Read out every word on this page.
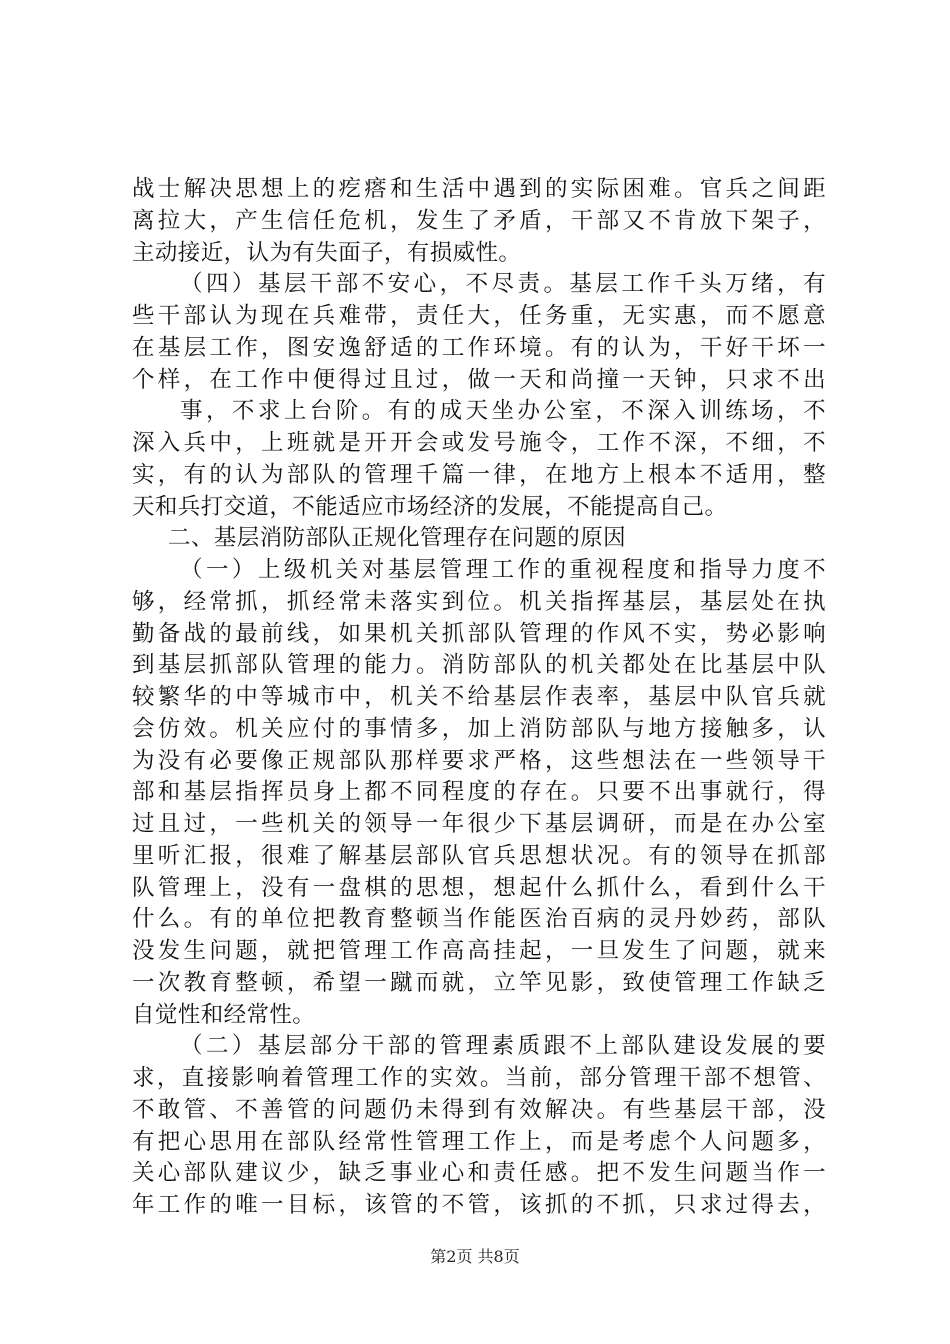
战士解决思想上的疙瘩和生活中遇到的实际困难。官兵之间距
离拉大，产生信任危机，发生了矛盾，干部又不肯放下架子，
主动接近，认为有失面子，有损威性。
（四）基层干部不安心，不尽责。基层工作千头万绪，有
些干部认为现在兵难带，责任大，任务重，无实惠，而不愿意
在基层工作，图安逸舒适的工作环境。有的认为，干好干坏一
个样，在工作中便得过且过，做一天和尚撞一天钟，只求不出
事，不求上台阶。有的成天坐办公室，不深入训练场，不
深入兵中，上班就是开开会或发号施令，工作不深，不细，不
实，有的认为部队的管理千篇一律，在地方上根本不适用，整
天和兵打交道，不能适应市场经济的发展，不能提高自己。
二、基层消防部队正规化管理存在问题的原因
（一）上级机关对基层管理工作的重视程度和指导力度不
够，经常抓，抓经常未落实到位。机关指挥基层，基层处在执
勤备战的最前线，如果机关抓部队管理的作风不实，势必影响
到基层抓部队管理的能力。消防部队的机关都处在比基层中队
较繁华的中等城市中，机关不给基层作表率，基层中队官兵就
会仿效。机关应付的事情多，加上消防部队与地方接触多，认
为没有必要像正规部队那样要求严格，这些想法在一些领导干
部和基层指挥员身上都不同程度的存在。只要不出事就行，得
过且过，一些机关的领导一年很少下基层调研，而是在办公室
里听汇报，很难了解基层部队官兵思想状况。有的领导在抓部
队管理上，没有一盘棋的思想，想起什么抓什么，看到什么干
什么。有的单位把教育整顿当作能医治百病的灵丹妙药，部队
没发生问题，就把管理工作高高挂起，一旦发生了问题，就来
一次教育整顿，希望一蹴而就，立竿见影，致使管理工作缺乏
自觉性和经常性。
（二）基层部分干部的管理素质跟不上部队建设发展的要
求，直接影响着管理工作的实效。当前，部分管理干部不想管、
不敢管、不善管的问题仍未得到有效解决。有些基层干部，没
有把心思用在部队经常性管理工作上，而是考虑个人问题多，
关心部队建议少，缺乏事业心和责任感。把不发生问题当作一
年工作的唯一目标，该管的不管，该抓的不抓，只求过得去，
第2页 共8页
